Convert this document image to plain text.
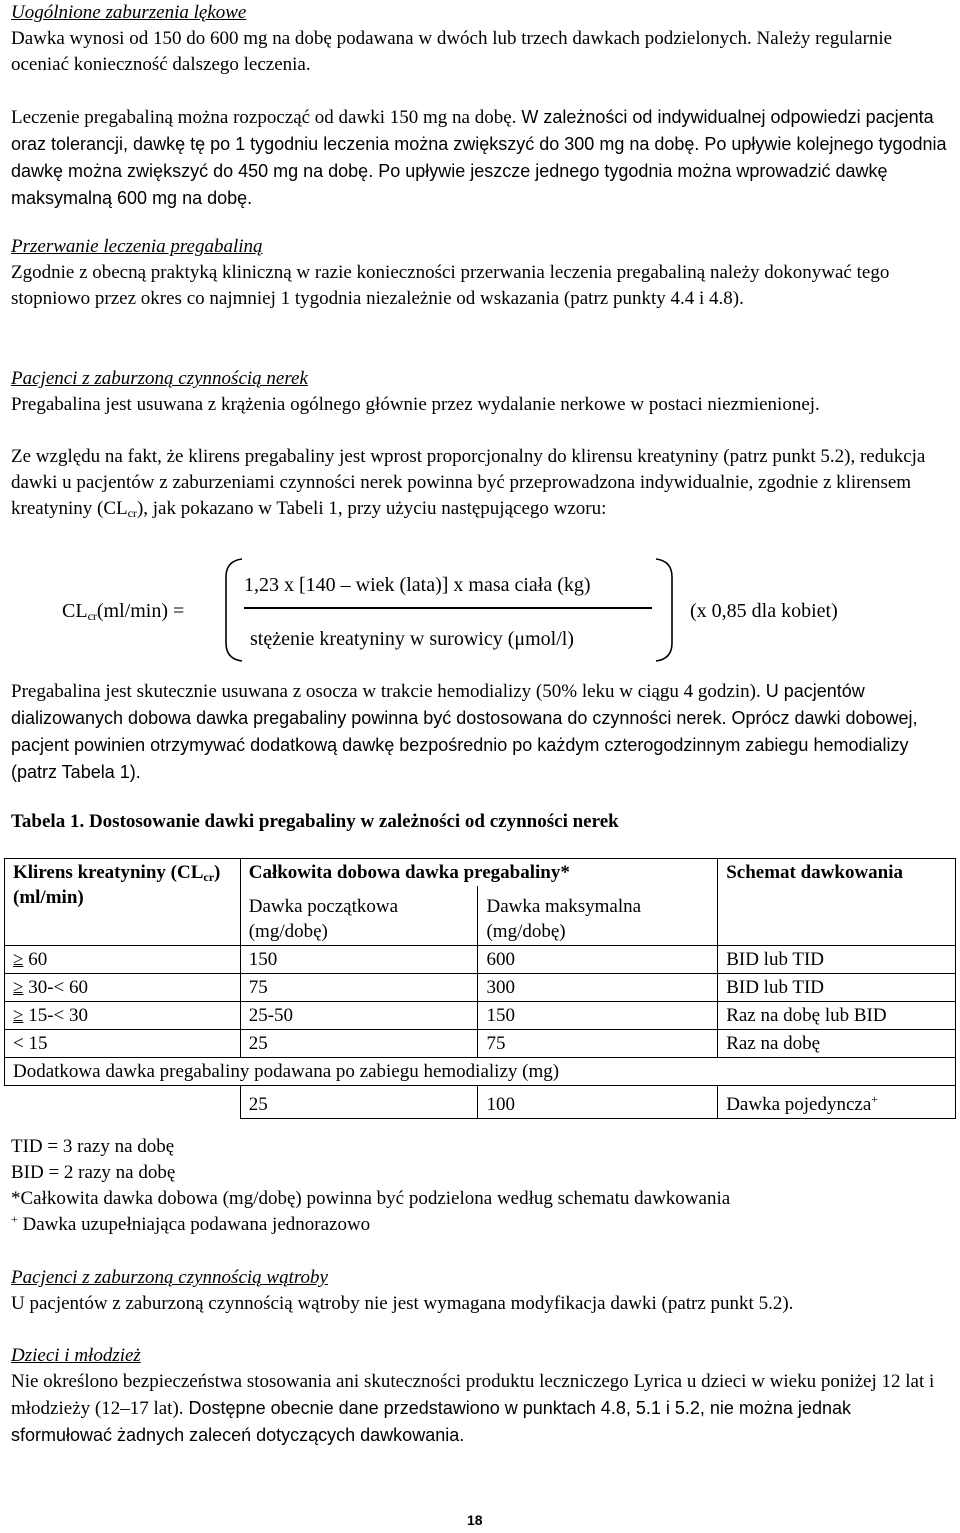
Uogólnione zaburzenia lękowe

Dawka wynosi od 150 do 600 mg na dobę podawana w dwóch lub trzech dawkach podzielonych. Należy regularnie oceniać konieczność dalszego leczenia.

Leczenie pregabaliną można rozpocząć od dawki 150 mg na dobę. W zależności od indywidualnej odpowiedzi pacjenta oraz tolerancji, dawkę tę po 1 tygodniu leczenia można zwiększyć do 300 mg na dobę. Po upływie kolejnego tygodnia dawkę można zwiększyć do 450 mg na dobę. Po upływie jeszcze jednego tygodnia można wprowadzić dawkę maksymalną 600 mg na dobę.

Przerwanie leczenia pregabaliną

Zgodnie z obecną praktyką kliniczną w razie konieczności przerwania leczenia pregabaliną należy dokonywać tego stopniowo przez okres co najmniej 1 tygodnia niezależnie od wskazania (patrz punkty 4.4 i 4.8).

Pacjenci z zaburzoną czynnością nerek

Pregabalina jest usuwana z krążenia ogólnego głównie przez wydalanie nerkowe w postaci niezmienionej.

Ze względu na fakt, że klirens pregabaliny jest wprost proporcjonalny do klirensu kreatyniny (patrz punkt 5.2), redukcja dawki u pacjentów z zaburzeniami czynności nerek powinna być przeprowadzona indywidualnie, zgodnie z klirensem kreatyniny $(CL_{cr})$, jak pokazano w Tabeli 1, przy użyciu następującego wzoru:

$CL_{cr}(ml/\min)$ =
1,23 x [140 – wiek (lata)] x masa ciała (kg)
stężenie kreatyniny w surowicy (μmol/l)
(x 0,85 dla kobiet)

Pregabalina jest skutecznie usuwana z osocza w trakcie hemodializy (50% leku w ciągu 4 godzin). U pacjentów dializowanych dobowa dawka pregabaliny powinna być dostosowana do czynności nerek. Oprócz dawki dobowej, pacjent powinien otrzymywać dodatkową dawkę bezpośrednio po każdym czterogodzinnym zabiegu hemodializy (patrz Tabela 1).

Tabela 1. Dostosowanie dawki pregabaliny w zależności od czynności nerek

Klirens kreatyniny $(CL_{cr})$ (ml/min)	Całkowita dobowa dawka pregabaliny*		Schemat dawkowania
	Dawka początkowa (mg/dobę)	Dawka maksymalna (mg/dobę)	
≥ 60	150	600	BID lub TID
≥ 30-< 60	75	300	BID lub TID
≥ 15-< 30	25-50	150	Raz na dobę lub BID
< 15	25	75	Raz na dobę
Dodatkowa dawka pregabaliny podawana po zabiegu hemodializy (mg)			
	25	100	Dawka pojedyncza+

TID = 3 razy na dobę

BID = 2 razy na dobę

*Całkowita dawka dobowa (mg/dobę) powinna być podzielona według schematu dawkowania

+ Dawka uzupełniająca podawana jednorazowo

Pacjenci z zaburzoną czynnością wątroby

U pacjentów z zaburzoną czynnością wątroby nie jest wymagana modyfikacja dawki (patrz punkt 5.2).

Dzieci i młodzież

Nie określono bezpieczeństwa stosowania ani skuteczności produktu leczniczego Lyrica u dzieci w wieku poniżej 12 lat i młodzieży (12–17 lat). Dostępne obecnie dane przedstawiono w punktach 4.8, 5.1 i 5.2, nie można jednak sformułować żadnych zaleceń dotyczących dawkowania.

18
